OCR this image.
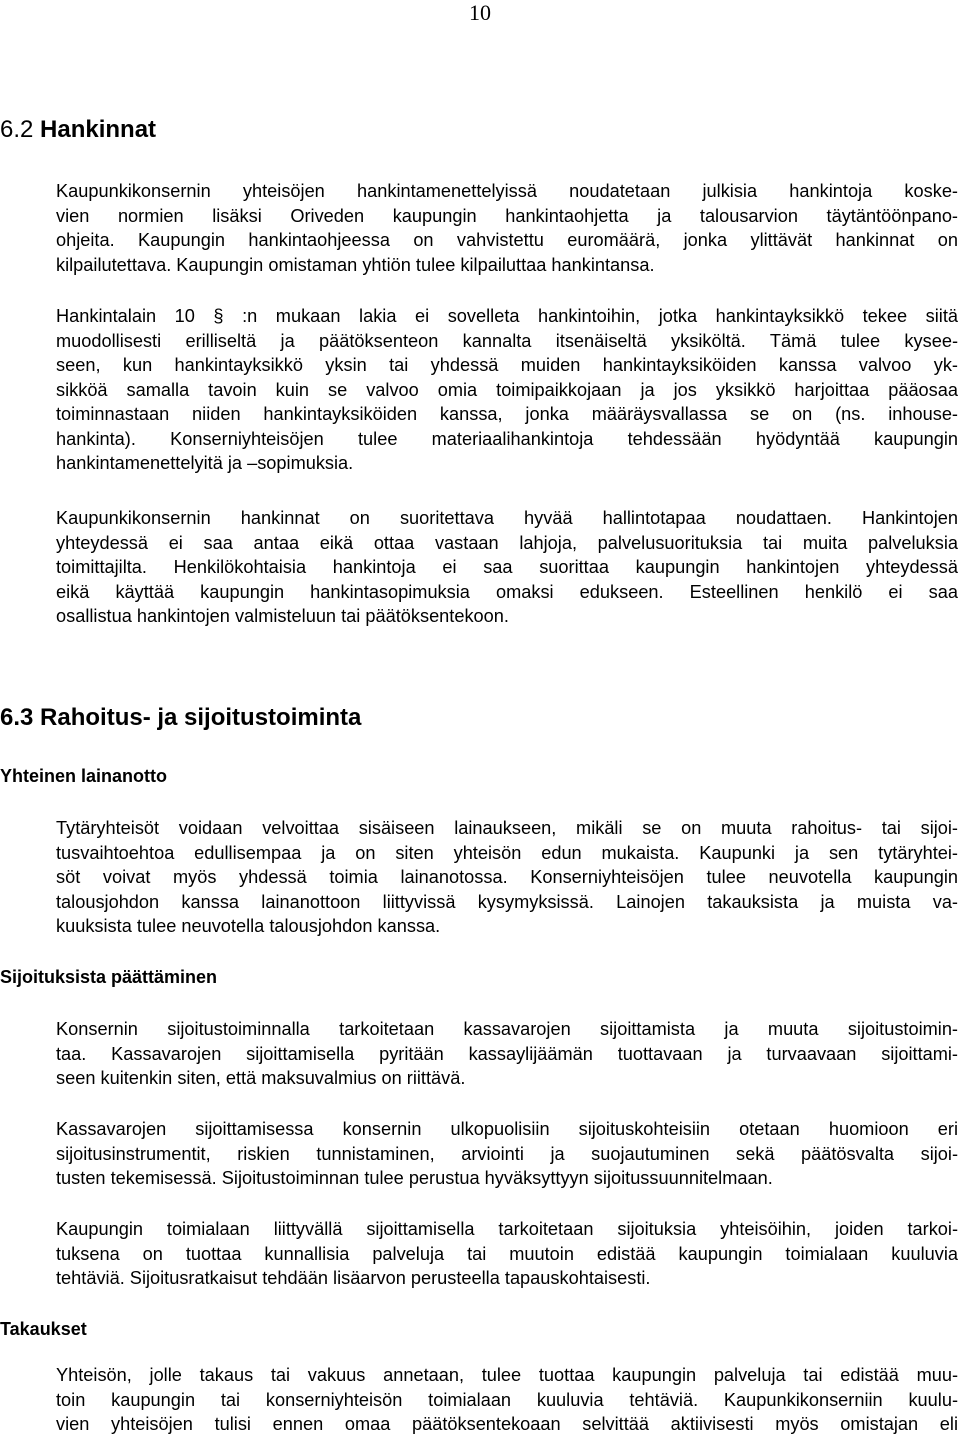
10
6.2 Hankinnat
Kaupunkikonsernin yhteisöjen hankintamenettelyissä noudatetaan julkisia hankintoja koske-
vien normien lisäksi Oriveden kaupungin hankintaohjetta ja talousarvion täytäntöönpano-
ohjeita. Kaupungin hankintaohjeessa on vahvistettu euromäärä, jonka ylittävät hankinnat on
kilpailutettava. Kaupungin omistaman yhtiön tulee kilpailuttaa hankintansa.
Hankintalain 10 § :n mukaan lakia ei sovelleta hankintoihin, jotka hankintayksikkö tekee siitä
muodollisesti erilliseltä ja päätöksenteon kannalta itsenäiseltä yksiköltä. Tämä tulee kysee-
seen, kun hankintayksikkö yksin tai yhdessä muiden hankintayksiköiden kanssa valvoo yk-
sikköä samalla tavoin kuin se valvoo omia toimipaikkojaan ja jos yksikkö harjoittaa pääosaa
toiminnastaan niiden hankintayksiköiden kanssa, jonka määräysvallassa se on (ns. inhouse-
hankinta). Konserniyhteisöjen tulee materiaalihankintoja tehdessään hyödyntää kaupungin
hankintamenettelyitä ja –sopimuksia.
Kaupunkikonsernin hankinnat on suoritettava hyvää hallintotapaa noudattaen. Hankintojen
yhteydessä ei saa antaa eikä ottaa vastaan lahjoja, palvelusuorituksia tai muita palveluksia
toimittajilta. Henkilökohtaisia hankintoja ei saa suorittaa kaupungin hankintojen yhteydessä
eikä käyttää kaupungin hankintasopimuksia omaksi edukseen. Esteellinen henkilö ei saa
osallistua hankintojen valmisteluun tai päätöksentekoon.
6.3 Rahoitus- ja sijoitustoiminta
Yhteinen lainanotto
Tytäryhteisöt voidaan velvoittaa sisäiseen lainaukseen, mikäli se on muuta rahoitus- tai sijoi-
tusvaihtoehtoa edullisempaa ja on siten yhteisön edun mukaista. Kaupunki ja sen tytäryhtei-
söt voivat myös yhdessä toimia lainanotossa. Konserniyhteisöjen tulee neuvotella kaupungin
talousjohdon kanssa lainanottoon liittyvissä kysymyksissä. Lainojen takauksista ja muista va-
kuuksista tulee neuvotella talousjohdon kanssa.
Sijoituksista päättäminen
Konsernin sijoitustoiminnalla tarkoitetaan kassavarojen sijoittamista ja muuta sijoitustoimin-
taa. Kassavarojen sijoittamisella pyritään kassaylijäämän tuottavaan ja turvaavaan sijoittami-
seen kuitenkin siten, että maksuvalmius on riittävä.
Kassavarojen sijoittamisessa konsernin ulkopuolisiin sijoituskohteisiin otetaan huomioon eri
sijoitusinstrumentit, riskien tunnistaminen, arviointi ja suojautuminen sekä päätösvalta sijoi-
tusten tekemisessä. Sijoitustoiminnan tulee perustua hyväksyttyyn sijoitussuunnitelmaan.
Kaupungin toimialaan liittyvällä sijoittamisella tarkoitetaan sijoituksia yhteisöihin, joiden tarkoi-
tuksena on tuottaa kunnallisia palveluja tai muutoin edistää kaupungin toimialaan kuuluvia
tehtäviä. Sijoitusratkaisut tehdään lisäarvon perusteella tapauskohtaisesti.
Takaukset
Yhteisön, jolle takaus tai vakuus annetaan, tulee tuottaa kaupungin palveluja tai edistää muu-
toin kaupungin tai konserniyhteisön toimialaan kuuluvia tehtäviä. Kaupunkikonserniin kuulu-
vien yhteisöjen tulisi ennen omaa päätöksentekoaan selvittää aktiivisesti myös omistajan eli
